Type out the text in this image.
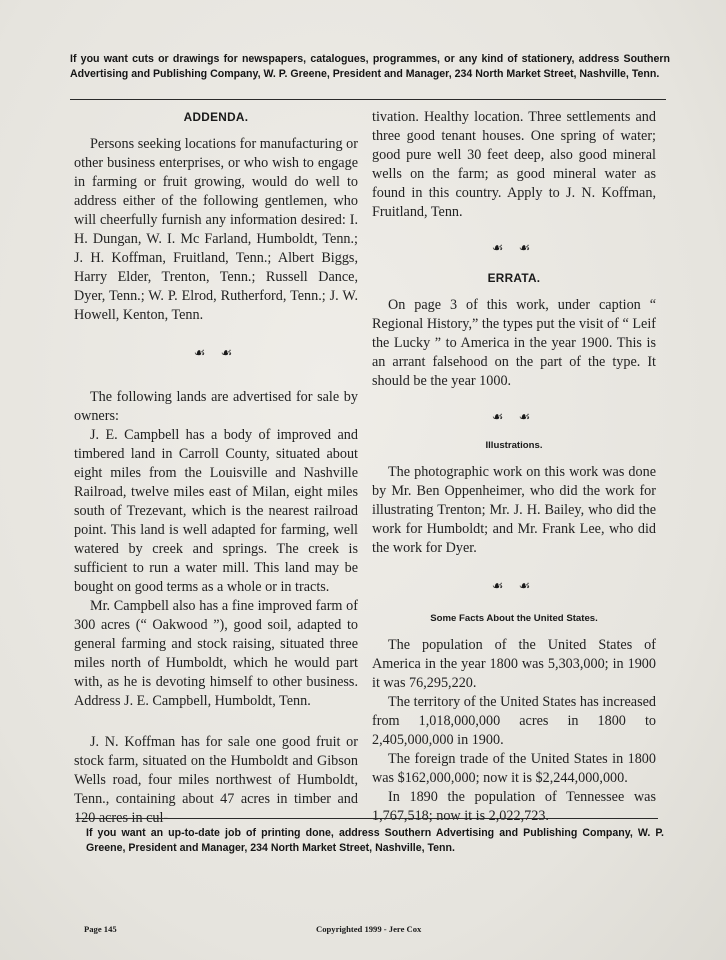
If you want cuts or drawings for newspapers, catalogues, programmes, or any kind of stationery, address Southern Advertising and Publishing Company, W. P. Greene, President and Manager, 234 North Market Street, Nashville, Tenn.
ADDENDA.

Persons seeking locations for manufacturing or other business enterprises, or who wish to engage in farming or fruit growing, would do well to address either of the following gentlemen, who will cheerfully furnish any information desired: I. H. Dungan, W. I. Mc Farland, Humboldt, Tenn.; J. H. Koffman, Fruitland, Tenn.; Albert Biggs, Harry Elder, Trenton, Tenn.; Russell Dance, Dyer, Tenn.; W. P. Elrod, Rutherford, Tenn.; J. W. Howell, Kenton, Tenn.

☙ ☙

The following lands are advertised for sale by owners:

J. E. Campbell has a body of improved and timbered land in Carroll County, situated about eight miles from the Louisville and Nashville Railroad, twelve miles east of Milan, eight miles south of Trezevant, which is the nearest railroad point. This land is well adapted for farming, well watered by creek and springs. The creek is sufficient to run a water mill. This land may be bought on good terms as a whole or in tracts.

Mr. Campbell also has a fine improved farm of 300 acres (“ Oakwood ”), good soil, adapted to general farming and stock raising, situated three miles north of Humboldt, which he would part with, as he is devoting himself to other business. Address J. E. Campbell, Humboldt, Tenn.

J. N. Koffman has for sale one good fruit or stock farm, situated on the Humboldt and Gibson Wells road, four miles northwest of Humboldt, Tenn., containing about 47 acres in timber and 120 acres in cul-

tivation. Healthy location. Three settlements and three good tenant houses. One spring of water; good pure well 30 feet deep, also good mineral wells on the farm; as good mineral water as found in this country. Apply to J. N. Koffman, Fruitland, Tenn.

☙ ☙
ERRATA.

On page 3 of this work, under caption “ Regional History,” the types put the visit of “ Leif the Lucky ” to America in the year 1900. This is an arrant falsehood on the part of the type. It should be the year 1000.

☙ ☙
Illustrations.

The photographic work on this work was done by Mr. Ben Oppenheimer, who did the work for illustrating Trenton; Mr. J. H. Bailey, who did the work for Humboldt; and Mr. Frank Lee, who did the work for Dyer.

☙ ☙
Some Facts About the United States.

The population of the United States of America in the year 1800 was 5,303,000; in 1900 it was 76,295,220.

The territory of the United States has increased from 1,018,000,000 acres in 1800 to 2,405,000,000 in 1900.

The foreign trade of the United States in 1800 was $162,000,000; now it is $2,244,000,000.

In 1890 the population of Tennessee was 1,767,518; now it is 2,022,723.

If you want an up-to-date job of printing done, address Southern Advertising and Publishing Company, W. P. Greene, President and Manager, 234 North Market Street, Nashville, Tenn.
Page 145	Copyrighted 1999 - Jere Cox
